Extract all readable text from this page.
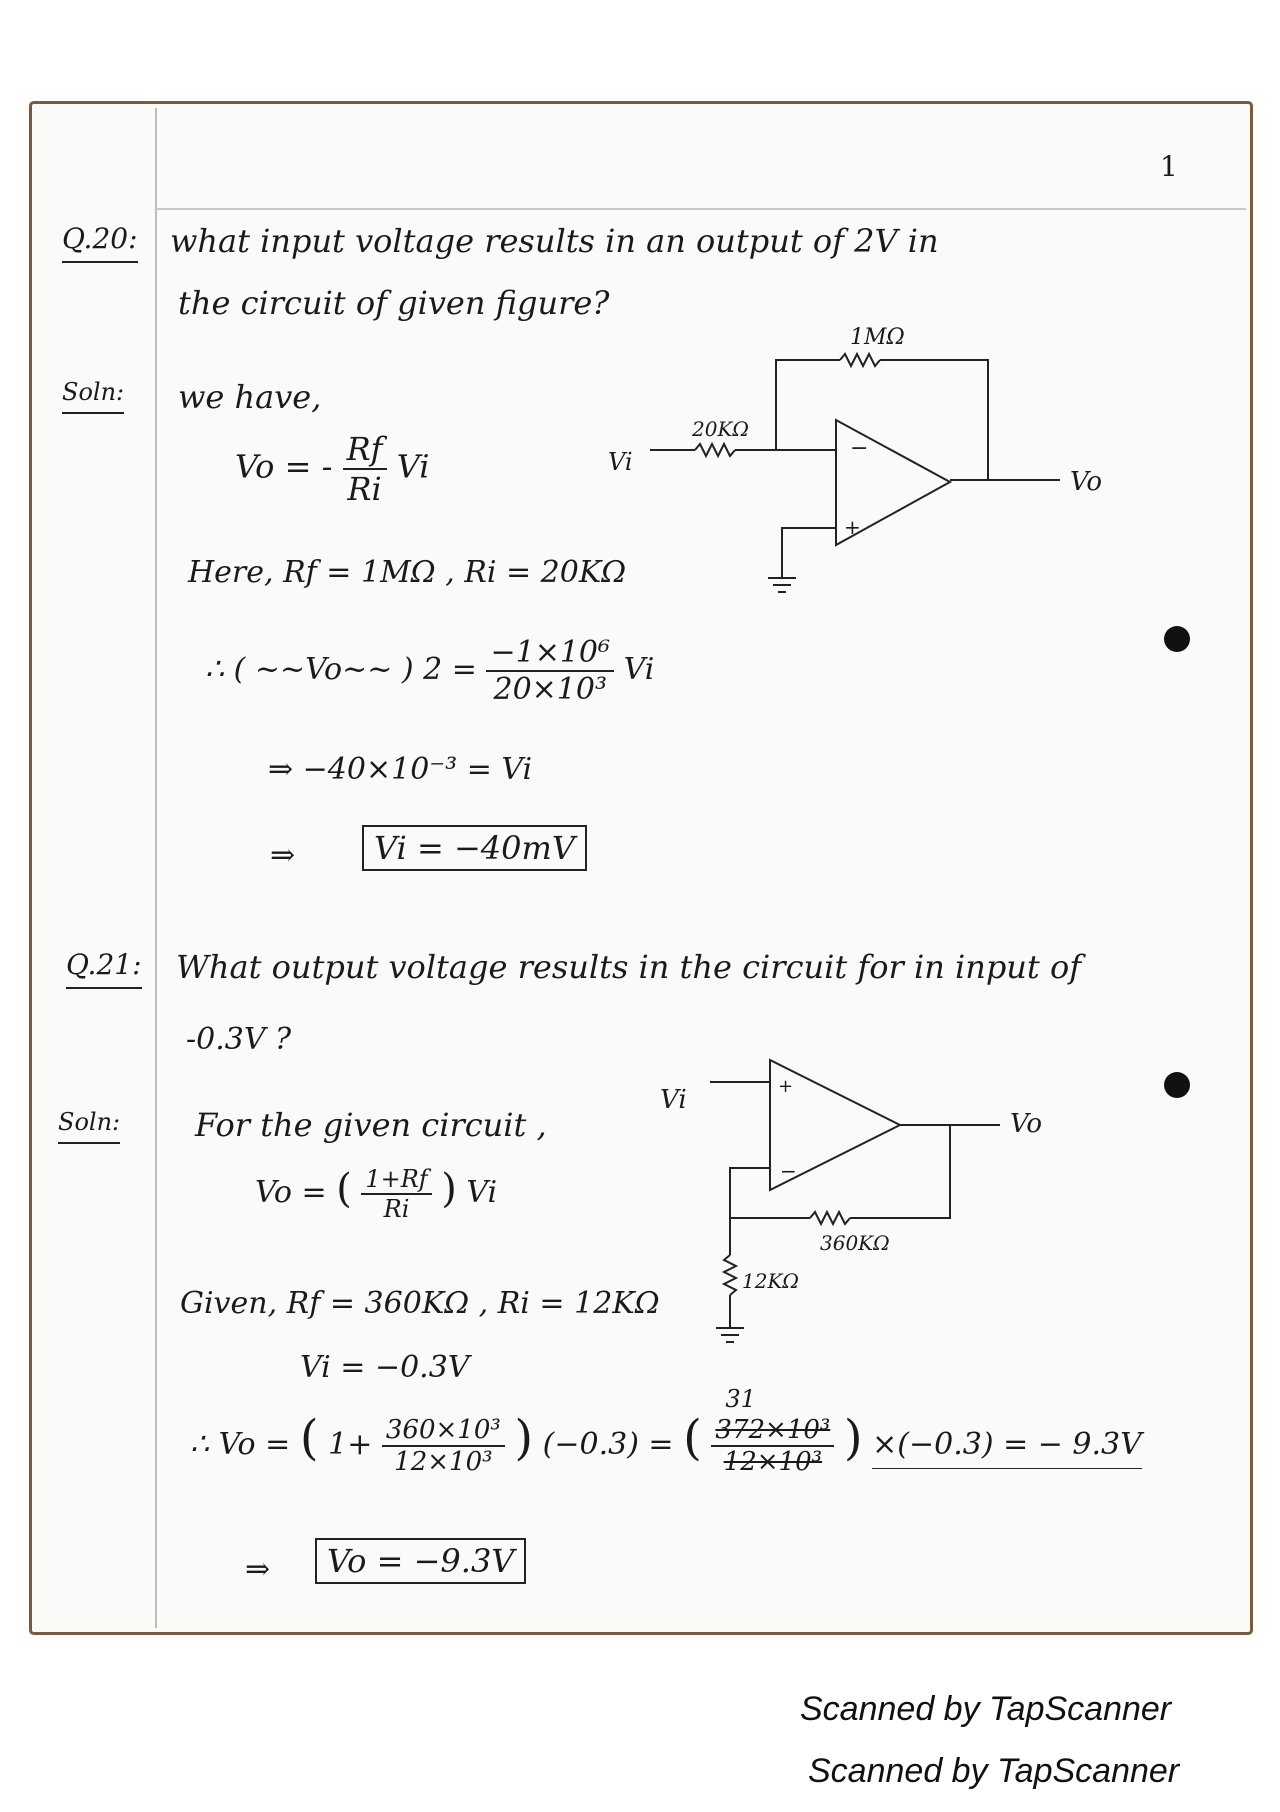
1
Q.20: what input voltage results in an output of 2V in
the circuit of given figure?
Soln: we have,
Vo = - $\frac{Rf}{Ri}$ Vi
Here, Rf = 1MΩ , Ri = 20KΩ
∴ ( ~~Vo~~ ) $2 = \frac{\text{−1×10⁶}}{\text{20×10³}}$ Vi
⇒ −40×10⁻³ = Vi
⇒	Vi = −40mV
−
+
1MΩ
20KΩ
Vi
Vo
Q.21: What output voltage results in the circuit for in input of
-0.3V ?
Soln: For the given circuit ,
Vo = ( $\frac{1+Rf}{Ri}$ ) Vi
Given, Rf = 360KΩ , Ri = 12KΩ
Vi = −0.3V
∴ Vo = ( $1+ \frac{\text{360×10³}}{\text{12×10³}}$ ) (−0.3) = (
31
372×10³
12×10³ ) ×(−0.3) = − 9.3V
⇒	Vo = −9.3V
+
−
Vi
Vo
360KΩ
12KΩ
Scanned by TapScanner
Scanned by TapScanner
